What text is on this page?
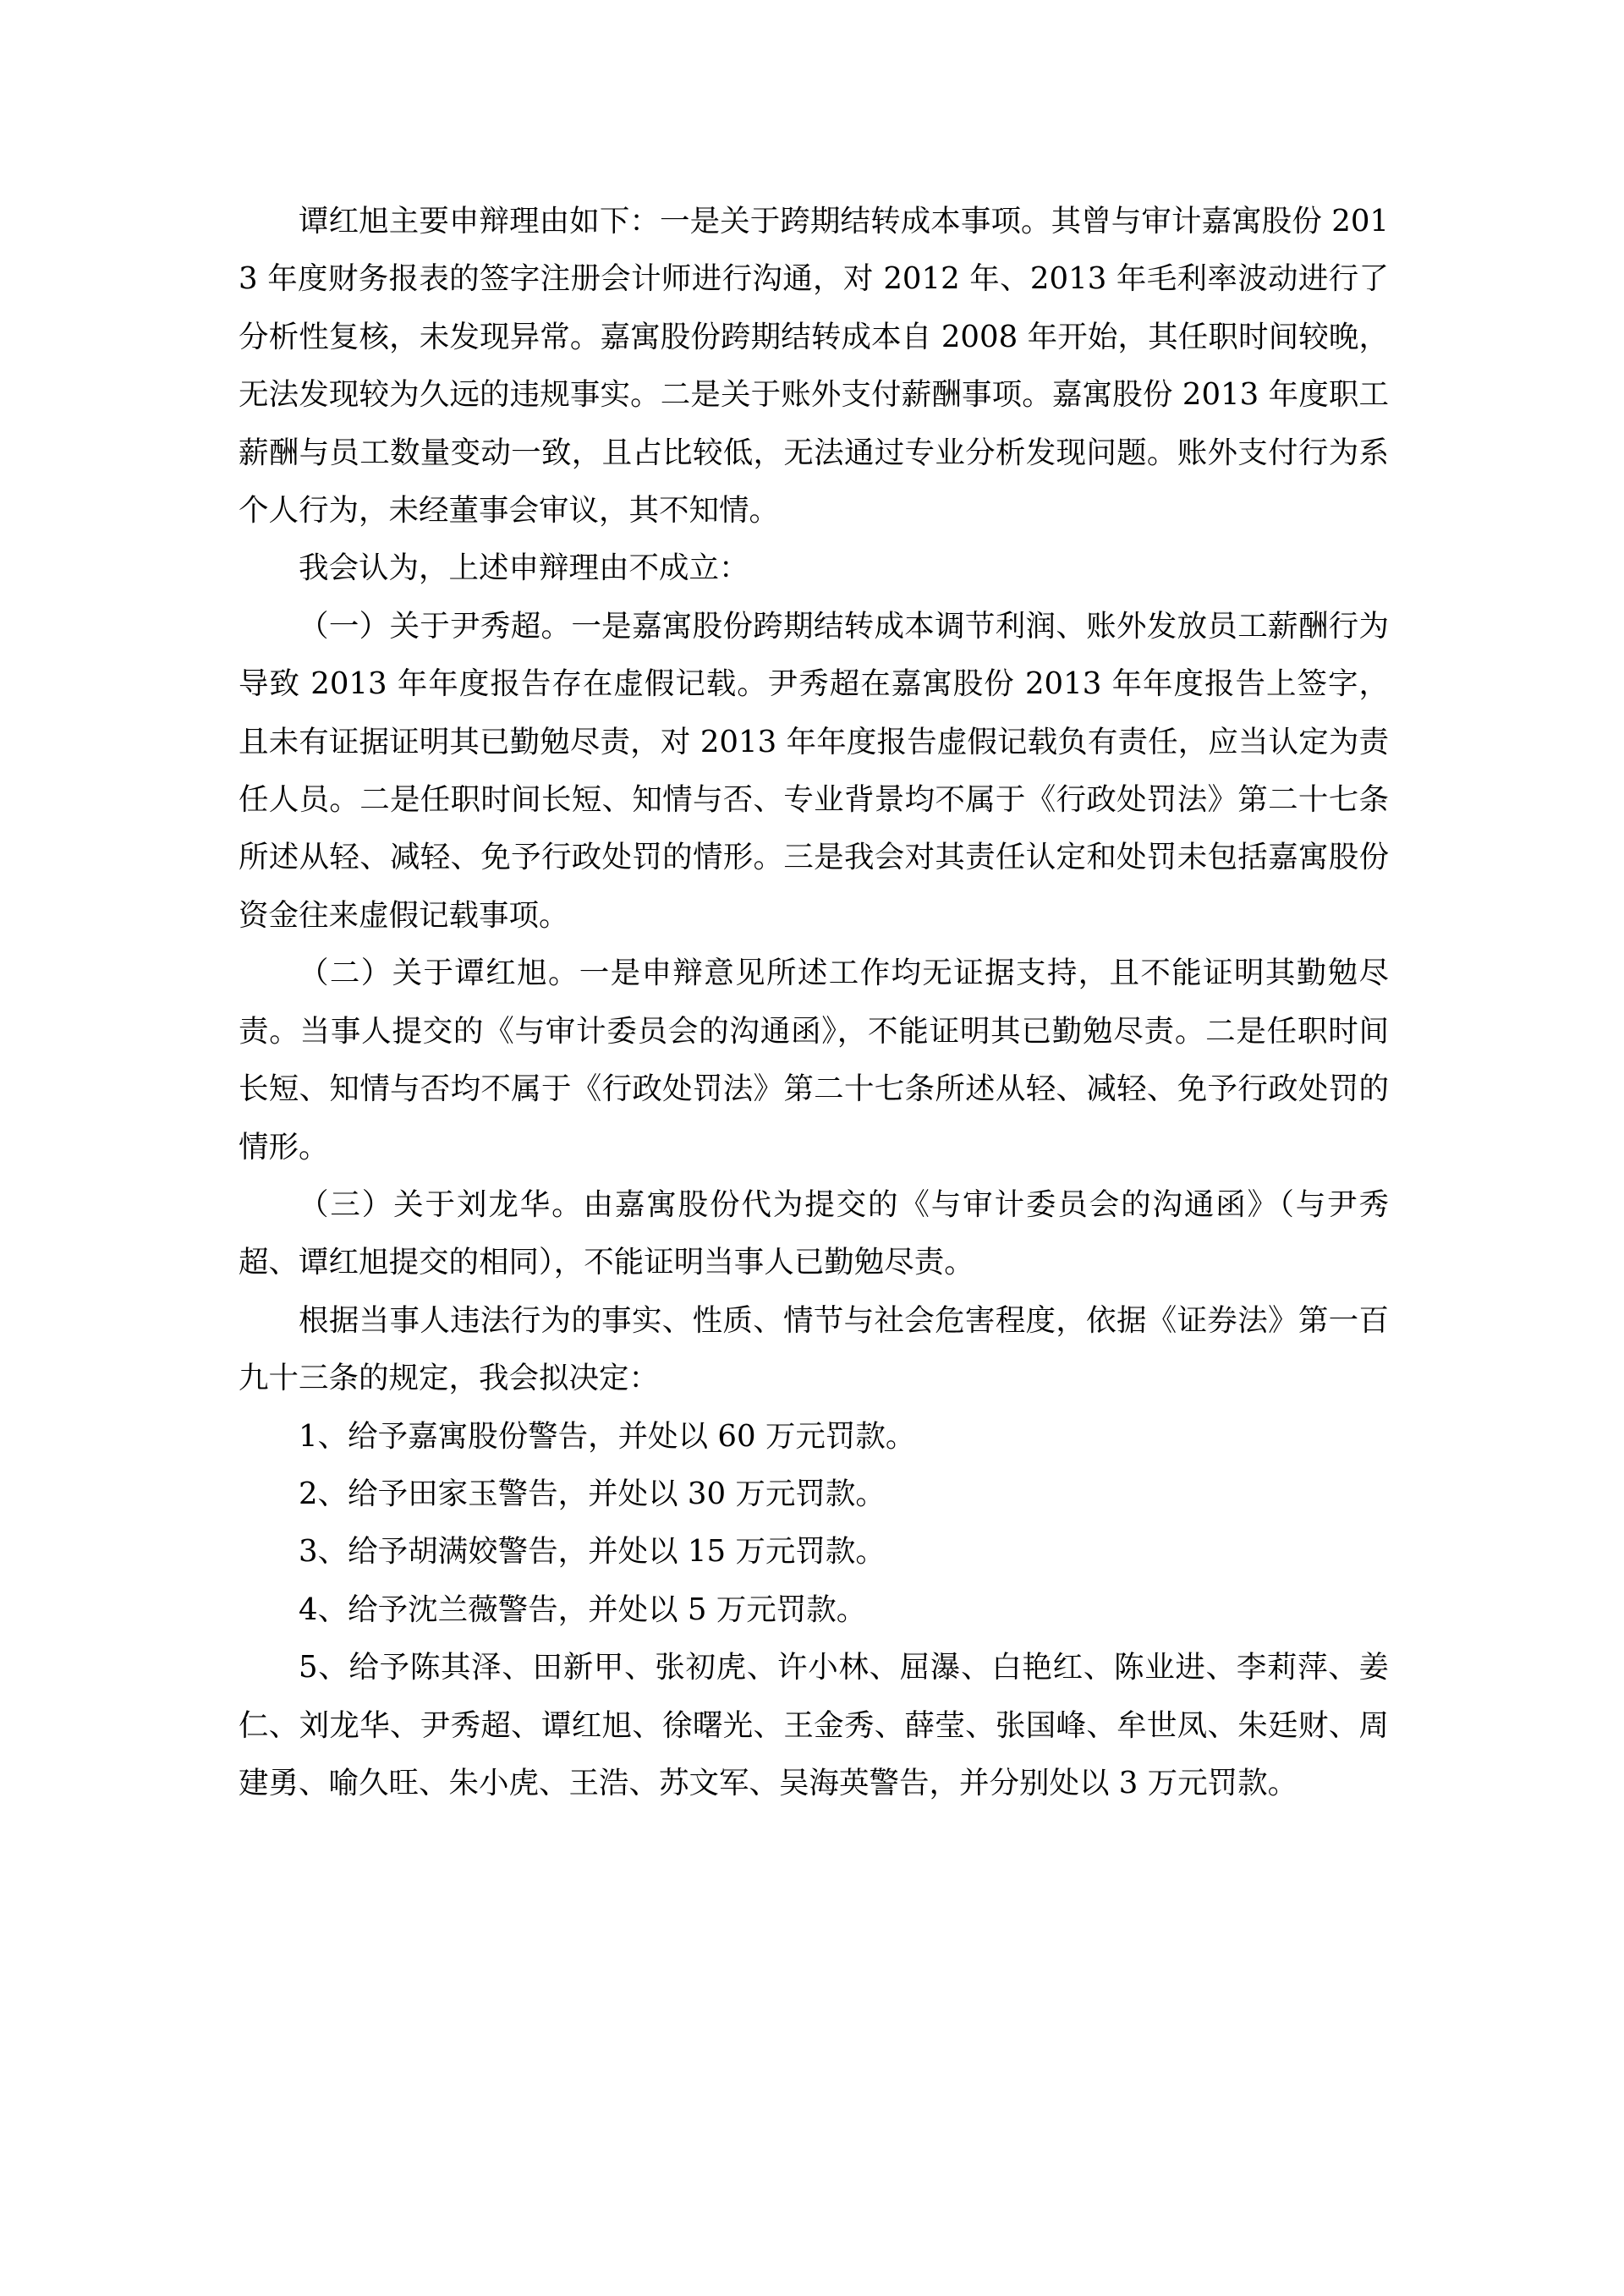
谭红旭主要申辩理由如下：一是关于跨期结转成本事项。其曾与审计嘉寓股份 2013 年度财务报表的签字注册会计师进行沟通，对 2012 年、2013 年毛利率波动进行了分析性复核，未发现异常。嘉寓股份跨期结转成本自 2008 年开始，其任职时间较晚，无法发现较为久远的违规事实。二是关于账外支付薪酬事项。嘉寓股份 2013 年度职工薪酬与员工数量变动一致，且占比较低，无法通过专业分析发现问题。账外支付行为系个人行为，未经董事会审议，其不知情。

我会认为，上述申辩理由不成立：

（一）关于尹秀超。一是嘉寓股份跨期结转成本调节利润、账外发放员工薪酬行为导致 2013 年年度报告存在虚假记载。尹秀超在嘉寓股份 2013 年年度报告上签字，且未有证据证明其已勤勉尽责，对 2013 年年度报告虚假记载负有责任，应当认定为责任人员。二是任职时间长短、知情与否、专业背景均不属于《行政处罚法》第二十七条所述从轻、减轻、免予行政处罚的情形。三是我会对其责任认定和处罚未包括嘉寓股份资金往来虚假记载事项。

（二）关于谭红旭。一是申辩意见所述工作均无证据支持，且不能证明其勤勉尽责。当事人提交的《与审计委员会的沟通函》，不能证明其已勤勉尽责。二是任职时间长短、知情与否均不属于《行政处罚法》第二十七条所述从轻、减轻、免予行政处罚的情形。

（三）关于刘龙华。由嘉寓股份代为提交的《与审计委员会的沟通函》（与尹秀超、谭红旭提交的相同），不能证明当事人已勤勉尽责。

根据当事人违法行为的事实、性质、情节与社会危害程度，依据《证券法》第一百九十三条的规定，我会拟决定：

1、给予嘉寓股份警告，并处以 60 万元罚款。

2、给予田家玉警告，并处以 30 万元罚款。

3、给予胡满姣警告，并处以 15 万元罚款。

4、给予沈兰薇警告，并处以 5 万元罚款。

5、给予陈其泽、田新甲、张初虎、许小林、屈瀑、白艳红、陈业进、李莉萍、姜仁、刘龙华、尹秀超、谭红旭、徐曙光、王金秀、薛莹、张国峰、牟世凤、朱廷财、周建勇、喻久旺、朱小虎、王浩、苏文军、吴海英警告，并分别处以 3 万元罚款。
